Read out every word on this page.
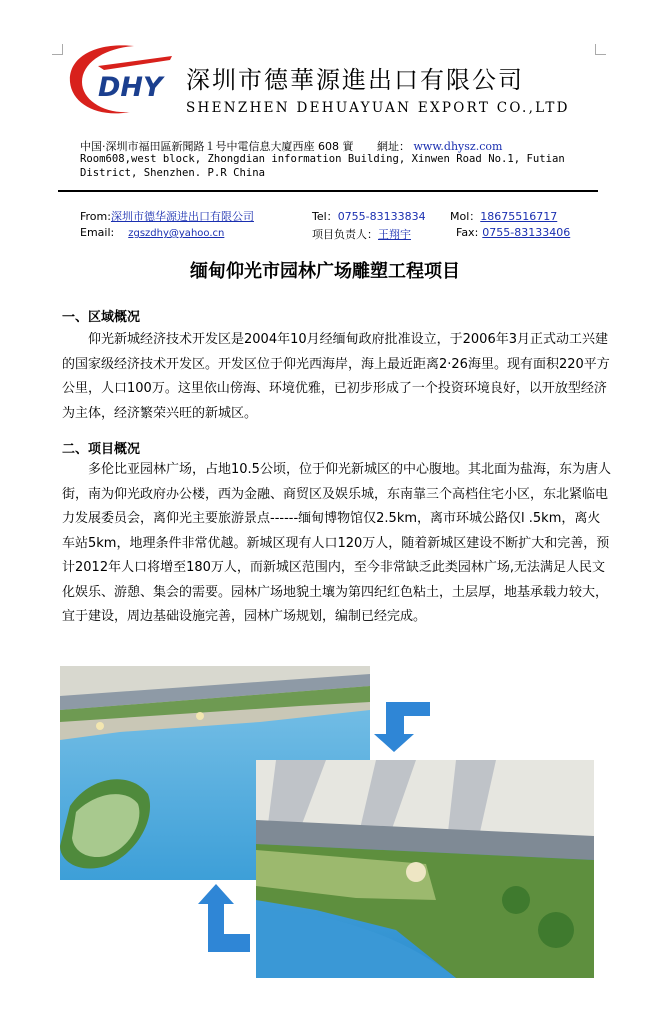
DHY 深圳市德華源進出口有限公司
SHENZHEN DEHUAYUAN EXPORT CO.,LTD
中国·深圳市福田區新聞路１号中電信息大廈西座 608 實 網址： www.dhysz.com
Room608,west block, Zhongdian information Building, Xinwen Road No.1, Futian
District, Shenzhen. P.R China
From:深圳市德华源进出口有限公司	Tel：0755-83133834 Mol：18675516717
Email: zgszdhy@yahoo.cn	项目负责人：王翔宇	Fax: 0755-83133406
缅甸仰光市园林广场雕塑工程项目
一、区域概况
仰光新城经济技术开发区是2004年10月经缅甸政府批准设立，于2006年3月正式动工兴建的国家级经济技术开发区。开发区位于仰光西海岸，海上最近距离2·26海里。现有面积220平方公里，人口100万。这里依山傍海、环境优雅，已初步形成了一个投资环境良好，以开放型经济为主体，经济繁荣兴旺的新城区。
二、项目概况
多伦比亚园林广场，占地10.5公顷，位于仰光新城区的中心腹地。其北面为盐海，东为唐人街，南为仰光政府办公楼，西为金融、商贸区及娱乐城，东南靠三个高档住宅小区，东北紧临电力发展委员会，离仰光主要旅游景点------缅甸博物馆仅2.5km，离市环城公路仅l .5km，离火车站5km，地理条件非常优越。新城区现有人口120万人，随着新城区建设不断扩大和完善，预计2012年人口将增至180万人，而新城区范围内，至今非常缺乏此类园林广场,无法满足人民文化娱乐、游憩、集会的需要。园林广场地貌土壤为第四纪红色粘土，土层厚，地基承载力较大，宜于建设，周边基础设施完善，园林广场规划，编制已经完成。
